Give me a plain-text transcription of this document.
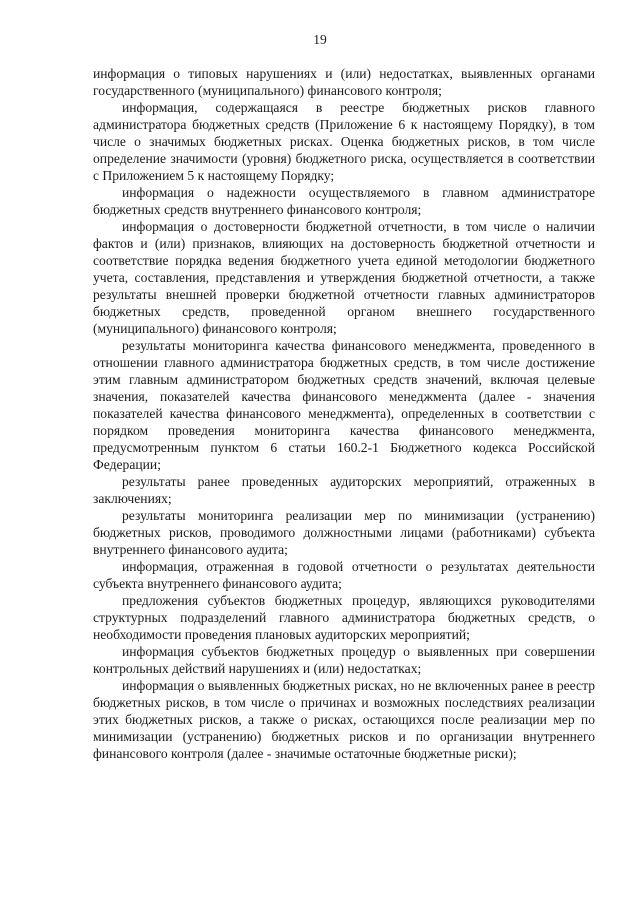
19

информация о типовых нарушениях и (или) недостатках, выявленных органами государственного (муниципального) финансового контроля;

информация, содержащаяся в реестре бюджетных рисков главного администратора бюджетных средств (Приложение 6 к настоящему Порядку), в том числе о значимых бюджетных рисках. Оценка бюджетных рисков, в том числе определение значимости (уровня) бюджетного риска, осуществляется в соответствии с Приложением 5 к настоящему Порядку;

информация о надежности осуществляемого в главном администраторе бюджетных средств внутреннего финансового контроля;

информация о достоверности бюджетной отчетности, в том числе о наличии фактов и (или) признаков, влияющих на достоверность бюджетной отчетности и соответствие порядка ведения бюджетного учета единой методологии бюджетного учета, составления, представления и утверждения бюджетной отчетности, а также результаты внешней проверки бюджетной отчетности главных администраторов бюджетных средств, проведенной органом внешнего государственного (муниципального) финансового контроля;

результаты мониторинга качества финансового менеджмента, проведенного в отношении главного администратора бюджетных средств, в том числе достижение этим главным администратором бюджетных средств значений, включая целевые значения, показателей качества финансового менеджмента (далее - значения показателей качества финансового менеджмента), определенных в соответствии с порядком проведения мониторинга качества финансового менеджмента, предусмотренным пунктом 6 статьи 160.2-1 Бюджетного кодекса Российской Федерации;

результаты ранее проведенных аудиторских мероприятий, отраженных в заключениях;

результаты мониторинга реализации мер по минимизации (устранению) бюджетных рисков, проводимого должностными лицами (работниками) субъекта внутреннего финансового аудита;

информация, отраженная в годовой отчетности о результатах деятельности субъекта внутреннего финансового аудита;

предложения субъектов бюджетных процедур, являющихся руководителями структурных подразделений главного администратора бюджетных средств, о необходимости проведения плановых аудиторских мероприятий;

информация субъектов бюджетных процедур о выявленных при совершении контрольных действий нарушениях и (или) недостатках;

информация о выявленных бюджетных рисках, но не включенных ранее в реестр бюджетных рисков, в том числе о причинах и возможных последствиях реализации этих бюджетных рисков, а также о рисках, остающихся после реализации мер по минимизации (устранению) бюджетных рисков и по организации внутреннего финансового контроля (далее - значимые остаточные бюджетные риски);
